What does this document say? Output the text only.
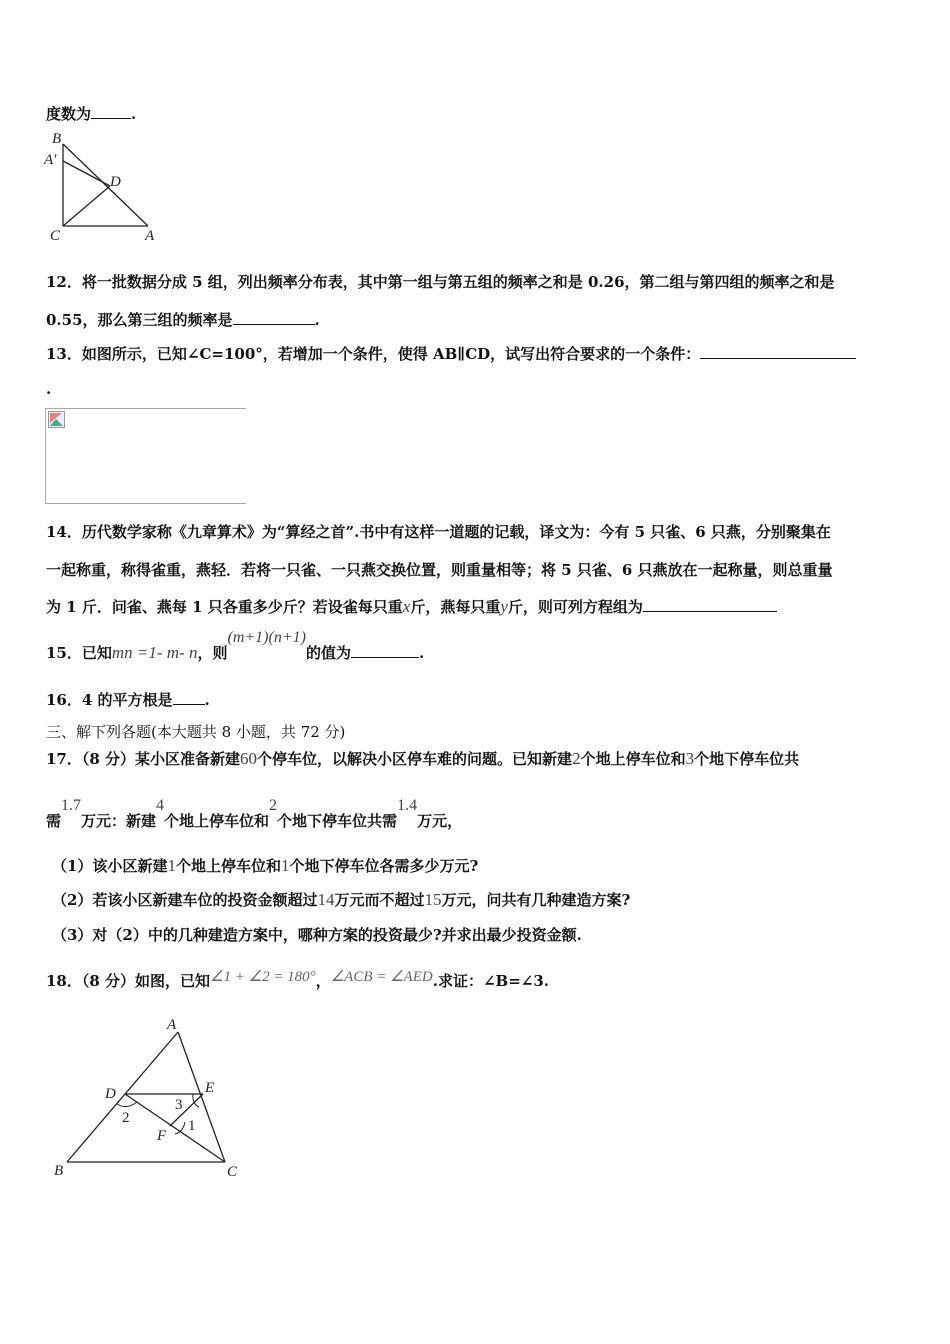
度数为	.
B
A′
D
C	A
12．将一批数据分成 5 组，列出频率分布表，其中第一组与第五组的频率之和是 0.26，第二组与第四组的频率之和是
0.55，那么第三组的频率是	.
13．如图所示，已知∠C=100°，若增加一个条件，使得 AB∥CD，试写出符合要求的一个条件：
.
14．历代数学家称《九章算术》为“算经之首”.书中有这样一道题的记载，译文为：今有 5 只雀、6 只燕，分别聚集在
一起称重，称得雀重，燕轻．若将一只雀、一只燕交换位置，则重量相等；将 5 只雀、6 只燕放在一起称量，则总重量
为 1 斤．问雀、燕每 1 只各重多少斤？若设雀每只重x斤，燕每只重y斤，则可列方程组为
15．已知mn =1- m- n，则(m+1)(n+1)的值为	.
16．4 的平方根是 .
三、解下列各题(本大题共 8 小题，共 72 分)
17．（8 分）某小区准备新建60个停车位，以解决小区停车难的问题。已知新建2个地上停车位和3个地下停车位共
需1.7万元：新建4个地上停车位和2个地下停车位共需1.4万元，
（1）该小区新建1个地上停车位和1个地下停车位各需多少万元?
（2）若该小区新建车位的投资金额超过14万元而不超过15万元，问共有几种建造方案?
（3）对（2）中的几种建造方案中，哪种方案的投资最少?并求出最少投资金额.
18．（8 分）如图，已知∠1 + ∠2 = 180°，∠ACB = ∠AED.求证：∠B=∠3.
A
D	E
F
B	C
1
2
3
